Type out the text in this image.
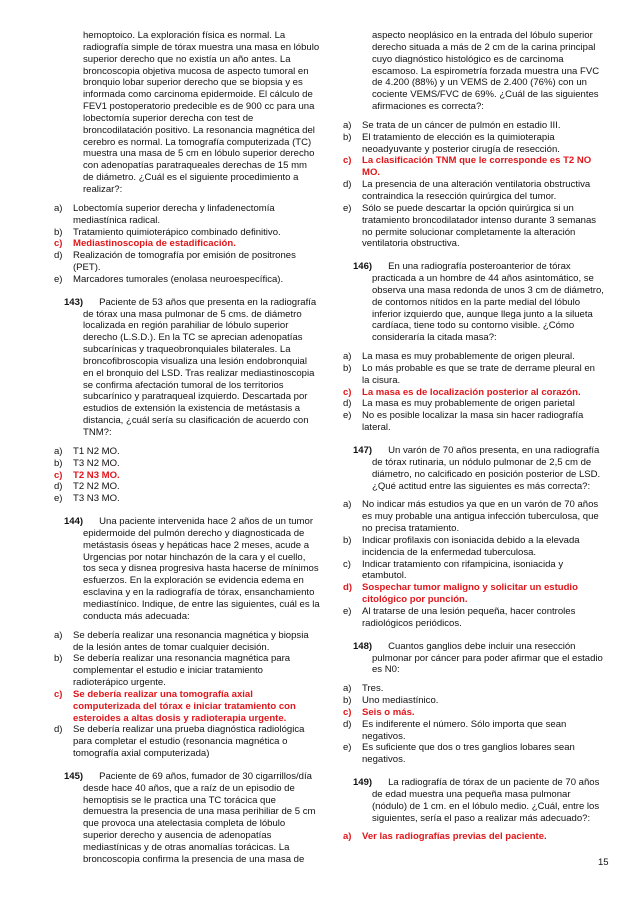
hemoptoico. La exploración física es normal. La radiografía simple de tórax muestra una masa en lóbulo superior derecho que no existía un año antes. La broncoscopia objetiva mucosa de aspecto tumoral en bronquio lobar superior derecho que se biopsia y es informada como carcinoma epidermoide. El cálculo de FEV1 postoperatorio predecible es de 900 cc para una lobectomía superior derecha con test de broncodilatación positivo. La resonancia magnética del cerebro es normal. La tomografía computerizada (TC) muestra una masa de 5 cm en lóbulo superior derecho con adenopatías paratraqueales derechas de 15 mm de diámetro. ¿Cuál es el siguiente procedimiento a realizar?:

a)	Lobectomía superior derecha y linfadenectomía mediastínica radical.
b)	Tratamiento quimioterápico combinado definitivo.
c)	Mediastinoscopia de estadificación.
d)	Realización de tomografía por emisión de positrones (PET).
e)	Marcadores tumorales (enolasa neuroespecífica).

143) Paciente de 53 años que presenta en la radiografía de tórax una masa pulmonar de 5 cms. de diámetro localizada en región parahiliar de lóbulo superior derecho (L.S.D.). En la TC se aprecian adenopatías subcarínicas y traqueobronquiales bilaterales. La broncofibroscopia visualiza una lesión endobronquial en el bronquio del LSD. Tras realizar mediastinoscopia se confirma afectación tumoral de los territorios subcarínico y paratraqueal izquierdo. Descartada por estudios de extensión la existencia de metástasis a distancia, ¿cuál sería su clasificación de acuerdo con TNM?:

a)	T1 N2 MO.
b)	T3 N2 MO.
c)	T2 N3 MO.
d)	T2 N2 MO.
e)	T3 N3 MO.

144) Una paciente intervenida hace 2 años de un tumor epidermoide del pulmón derecho y diagnosticada de metástasis óseas y hepáticas hace 2 meses, acude a Urgencias por notar hinchazón de la cara y el cuello, tos seca y disnea progresiva hasta hacerse de mínimos esfuerzos. En la exploración se evidencia edema en esclavina y en la radiografía de tórax, ensanchamiento mediastínico. Indique, de entre las siguientes, cuál es la conducta más adecuada:

a)	Se debería realizar una resonancia magnética y biopsia de la lesión antes de tomar cualquier decisión.
b)	Se debería realizar una resonancia magnética para complementar el estudio e iniciar tratamiento radioterápico urgente.
c)	Se debería realizar una tomografía axial computerizada del tórax e iniciar tratamiento con esteroides a altas dosis y radioterapia urgente.
d)	Se debería realizar una prueba diagnóstica radiológica para completar el estudio (resonancia magnética o tomografía axial computerizada)

145) Paciente de 69 años, fumador de 30 cigarrillos/día desde hace 40 años, que a raíz de un episodio de hemoptisis se le practica una TC torácica que demuestra la presencia de una masa perihiliar de 5 cm que provoca una atelectasia completa de lóbulo superior derecho y ausencia de adenopatías mediastínicas y de otras anomalías torácicas. La broncoscopia confirma la presencia de una masa de

aspecto neoplásico en la entrada del lóbulo superior derecho situada a más de 2 cm de la carina principal cuyo diagnóstico histológico es de carcinoma escamoso. La espirometría forzada muestra una FVC de 4.200 (88%) y un VEMS de 2.400 (76%) con un cociente VEMS/FVC de 69%. ¿Cuál de las siguientes afirmaciones es correcta?:

a)	Se trata de un cáncer de pulmón en estadio III.
b)	El tratamiento de elección es la quimioterapia neoadyuvante y posterior cirugía de resección.
c)	La clasificación TNM que le corresponde es T2 NO MO.
d)	La presencia de una alteración ventilatoria obstructiva contraindica la resección quirúrgica del tumor.
e)	Sólo se puede descartar la opción quirúrgica si un tratamiento broncodilatador intenso durante 3 semanas no permite solucionar completamente la alteración ventilatoria obstructiva.

146) En una radiografía posteroanterior de tórax practicada a un hombre de 44 años asintomático, se observa una masa redonda de unos 3 cm de diámetro, de contornos nítidos en la parte medial del lóbulo inferior izquierdo que, aunque llega junto a la silueta cardíaca, tiene todo su contorno visible. ¿Cómo consideraría la citada masa?:

a)	La masa es muy probablemente de origen pleural.
b)	Lo más probable es que se trate de derrame pleural en la cisura.
c)	La masa es de localización posterior al corazón.
d)	La masa es muy probablemente de origen parietal
e)	No es posible localizar la masa sin hacer radiografía lateral.

147) Un varón de 70 años presenta, en una radiografía de tórax rutinaria, un nódulo pulmonar de 2,5 cm de diámetro, no calcificado en posición posterior de LSD. ¿Qué actitud entre las siguientes es más correcta?:

a)	No indicar más estudios ya que en un varón de 70 años es muy probable una antigua infección tuberculosa, que no precisa tratamiento.
b)	Indicar profilaxis con isoniacida debido a la elevada incidencia de la enfermedad tuberculosa.
c)	Indicar tratamiento con rifampicina, isoniacida y etambutol.
d)	Sospechar tumor maligno y solicitar un estudio citológico por punción.
e)	Al tratarse de una lesión pequeña, hacer controles radiológicos periódicos.

148) Cuantos ganglios debe incluir una resección pulmonar por cáncer para poder afirmar que el estadio es N0:

a)	Tres.
b)	Uno mediastínico.
c)	Seis o más.
d)	Es indiferente el número. Sólo importa que sean negativos.
e)	Es suficiente que dos o tres ganglios lobares sean negativos.

149) La radiografía de tórax de un paciente de 70 años de edad muestra una pequeña masa pulmonar (nódulo) de 1 cm. en el lóbulo medio. ¿Cuál, entre los siguientes, sería el paso a realizar más adecuado?:

a)	Ver las radiografías previas del paciente.
15
